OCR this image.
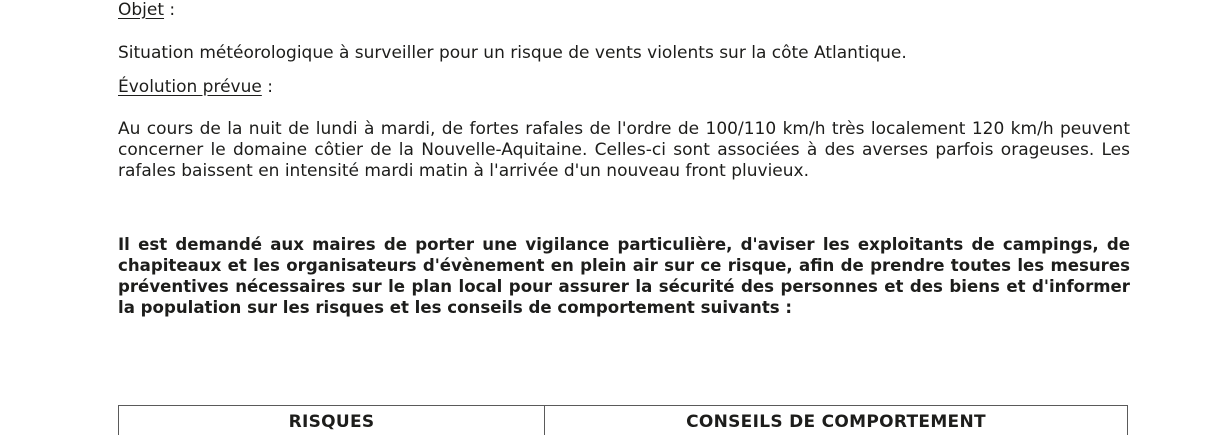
Objet :

Situation météorologique à surveiller pour un risque de vents violents sur la côte Atlantique.

Évolution prévue :

Au cours de la nuit de lundi à mardi, de fortes rafales de l'ordre de 100/110 km/h très localement 120 km/h peuvent concerner le domaine côtier de la Nouvelle-Aquitaine. Celles-ci sont associées à des averses parfois orageuses. Les rafales baissent en intensité mardi matin à l'arrivée d'un nouveau front pluvieux.

Il est demandé aux maires de porter une vigilance particulière, d'aviser les exploitants de campings, de chapiteaux et les organisateurs d'évènement en plein air sur ce risque, afin de prendre toutes les mesures préventives nécessaires sur le plan local pour assurer la sécurité des personnes et des biens et d'informer la population sur les risques et les conseils de comportement suivants :

RISQUES	CONSEILS DE COMPORTEMENT
